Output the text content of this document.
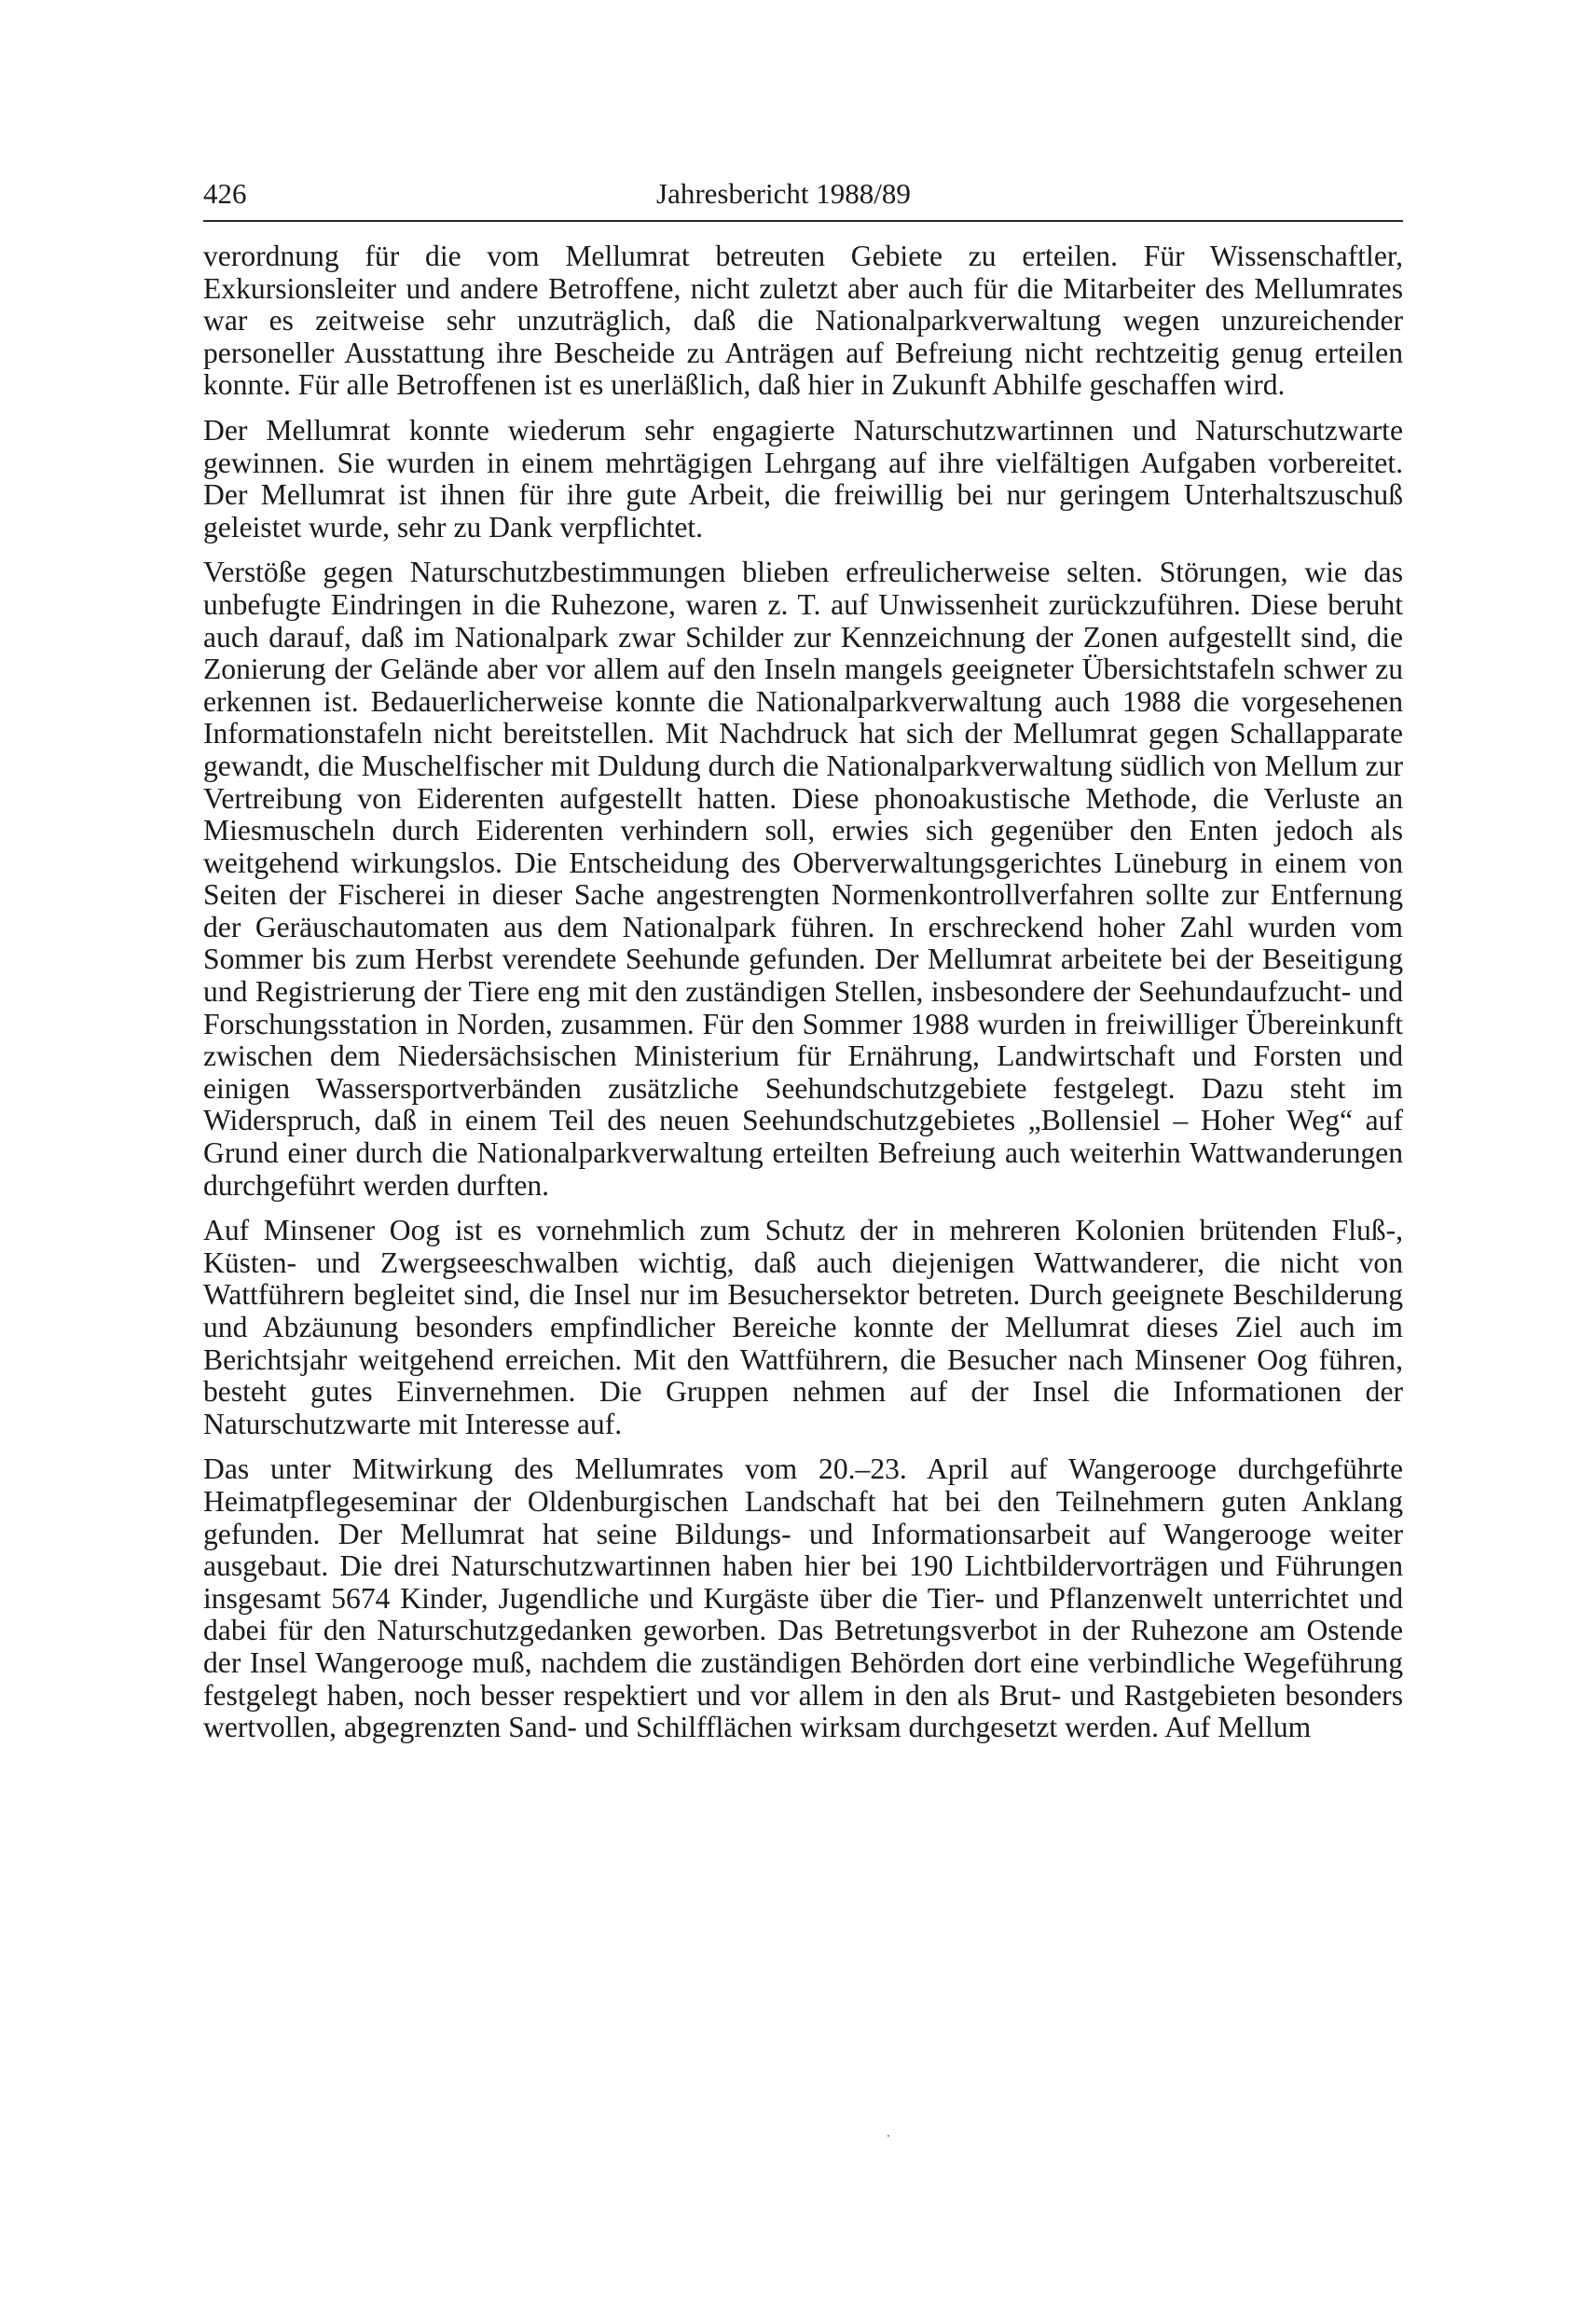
426	Jahresbericht 1988/89

verordnung für die vom Mellumrat betreuten Gebiete zu erteilen. Für Wissenschaftler, Exkursionsleiter und andere Betroffene, nicht zuletzt aber auch für die Mitarbeiter des Mellumrates war es zeitweise sehr unzuträglich, daß die Nationalparkverwaltung wegen unzureichender personeller Ausstattung ihre Bescheide zu Anträgen auf Befreiung nicht rechtzeitig genug erteilen konnte. Für alle Betroffenen ist es unerläßlich, daß hier in Zukunft Abhilfe geschaffen wird.

Der Mellumrat konnte wiederum sehr engagierte Naturschutzwartinnen und Naturschutzwarte gewinnen. Sie wurden in einem mehrtägigen Lehrgang auf ihre vielfältigen Aufgaben vorbereitet. Der Mellumrat ist ihnen für ihre gute Arbeit, die freiwillig bei nur geringem Unterhaltszuschuß geleistet wurde, sehr zu Dank verpflichtet.

Verstöße gegen Naturschutzbestimmungen blieben erfreulicherweise selten. Störungen, wie das unbefugte Eindringen in die Ruhezone, waren z. T. auf Unwissenheit zurückzuführen. Diese beruht auch darauf, daß im Nationalpark zwar Schilder zur Kennzeichnung der Zonen aufgestellt sind, die Zonierung der Gelände aber vor allem auf den Inseln mangels geeigneter Übersichtstafeln schwer zu erkennen ist. Bedauerlicherweise konnte die Nationalparkverwaltung auch 1988 die vorgesehenen Informationstafeln nicht bereitstellen. Mit Nachdruck hat sich der Mellumrat gegen Schallapparate gewandt, die Muschelfischer mit Duldung durch die Nationalparkverwaltung südlich von Mellum zur Vertreibung von Eiderenten aufgestellt hatten. Diese phonoakustische Methode, die Verluste an Miesmuscheln durch Eiderenten verhindern soll, erwies sich gegenüber den Enten jedoch als weitgehend wirkungslos. Die Entscheidung des Oberverwaltungsgerichtes Lüneburg in einem von Seiten der Fischerei in dieser Sache angestrengten Normenkontrollverfahren sollte zur Entfernung der Geräuschautomaten aus dem Nationalpark führen. In erschreckend hoher Zahl wurden vom Sommer bis zum Herbst verendete Seehunde gefunden. Der Mellumrat arbeitete bei der Beseitigung und Registrierung der Tiere eng mit den zuständigen Stellen, insbesondere der Seehundaufzucht- und Forschungsstation in Norden, zusammen. Für den Sommer 1988 wurden in freiwilliger Übereinkunft zwischen dem Niedersächsischen Ministerium für Ernährung, Landwirtschaft und Forsten und einigen Wassersportverbänden zusätzliche Seehundschutzgebiete festgelegt. Dazu steht im Widerspruch, daß in einem Teil des neuen Seehundschutzgebietes „Bollensiel – Hoher Weg“ auf Grund einer durch die Nationalparkverwaltung erteilten Befreiung auch weiterhin Wattwanderungen durchgeführt werden durften.

Auf Minsener Oog ist es vornehmlich zum Schutz der in mehreren Kolonien brütenden Fluß-, Küsten- und Zwergseeschwalben wichtig, daß auch diejenigen Wattwanderer, die nicht von Wattführern begleitet sind, die Insel nur im Besuchersektor betreten. Durch geeignete Beschilderung und Abzäunung besonders empfindlicher Bereiche konnte der Mellumrat dieses Ziel auch im Berichtsjahr weitgehend erreichen. Mit den Wattführern, die Besucher nach Minsener Oog führen, besteht gutes Einvernehmen. Die Gruppen nehmen auf der Insel die Informationen der Naturschutzwarte mit Interesse auf.

Das unter Mitwirkung des Mellumrates vom 20.–23. April auf Wangerooge durchgeführte Heimatpflegeseminar der Oldenburgischen Landschaft hat bei den Teilnehmern guten Anklang gefunden. Der Mellumrat hat seine Bildungs- und Informationsarbeit auf Wangerooge weiter ausgebaut. Die drei Naturschutzwartinnen haben hier bei 190 Lichtbildervorträgen und Führungen insgesamt 5674 Kinder, Jugendliche und Kurgäste über die Tier- und Pflanzenwelt unterrichtet und dabei für den Naturschutzgedanken geworben. Das Betretungsverbot in der Ruhezone am Ostende der Insel Wangerooge muß, nachdem die zuständigen Behörden dort eine verbindliche Wegeführung festgelegt haben, noch besser respektiert und vor allem in den als Brut- und Rastgebieten besonders wertvollen, abgegrenzten Sand- und Schilfflächen wirksam durchgesetzt werden. Auf Mellum
